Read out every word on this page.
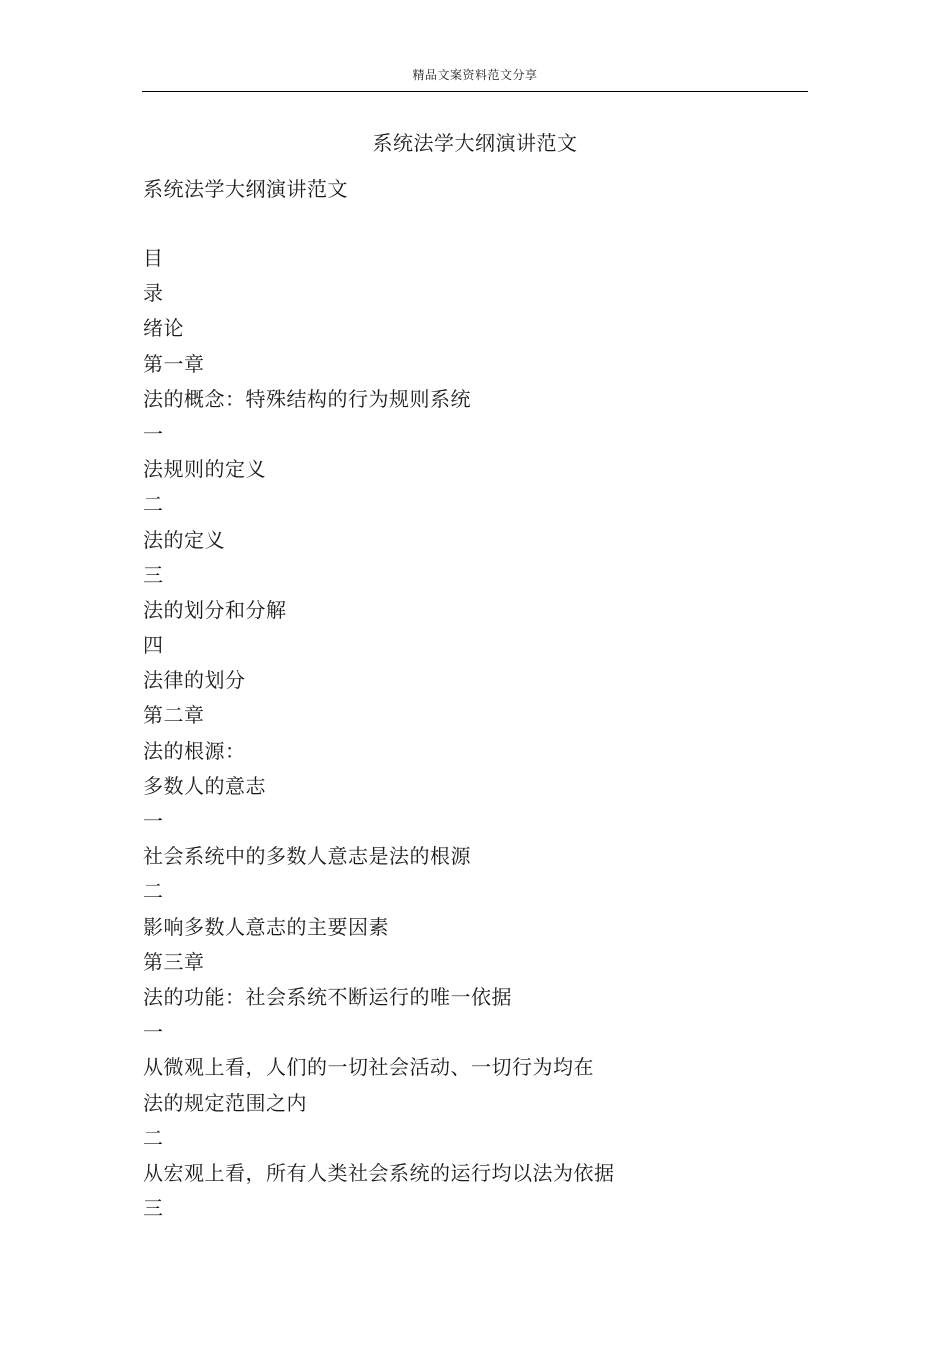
精品文案资料范文分享
系统法学大纲演讲范文
系统法学大纲演讲范文
目
录
绪论
第一章
法的概念：特殊结构的行为规则系统
一
法规则的定义
二
法的定义
三
法的划分和分解
四
法律的划分
第二章
法的根源：
多数人的意志
一
社会系统中的多数人意志是法的根源
二
影响多数人意志的主要因素
第三章
法的功能：社会系统不断运行的唯一依据
一
从微观上看，人们的一切社会活动、一切行为均在
法的规定范围之内
二
从宏观上看，所有人类社会系统的运行均以法为依据
三
